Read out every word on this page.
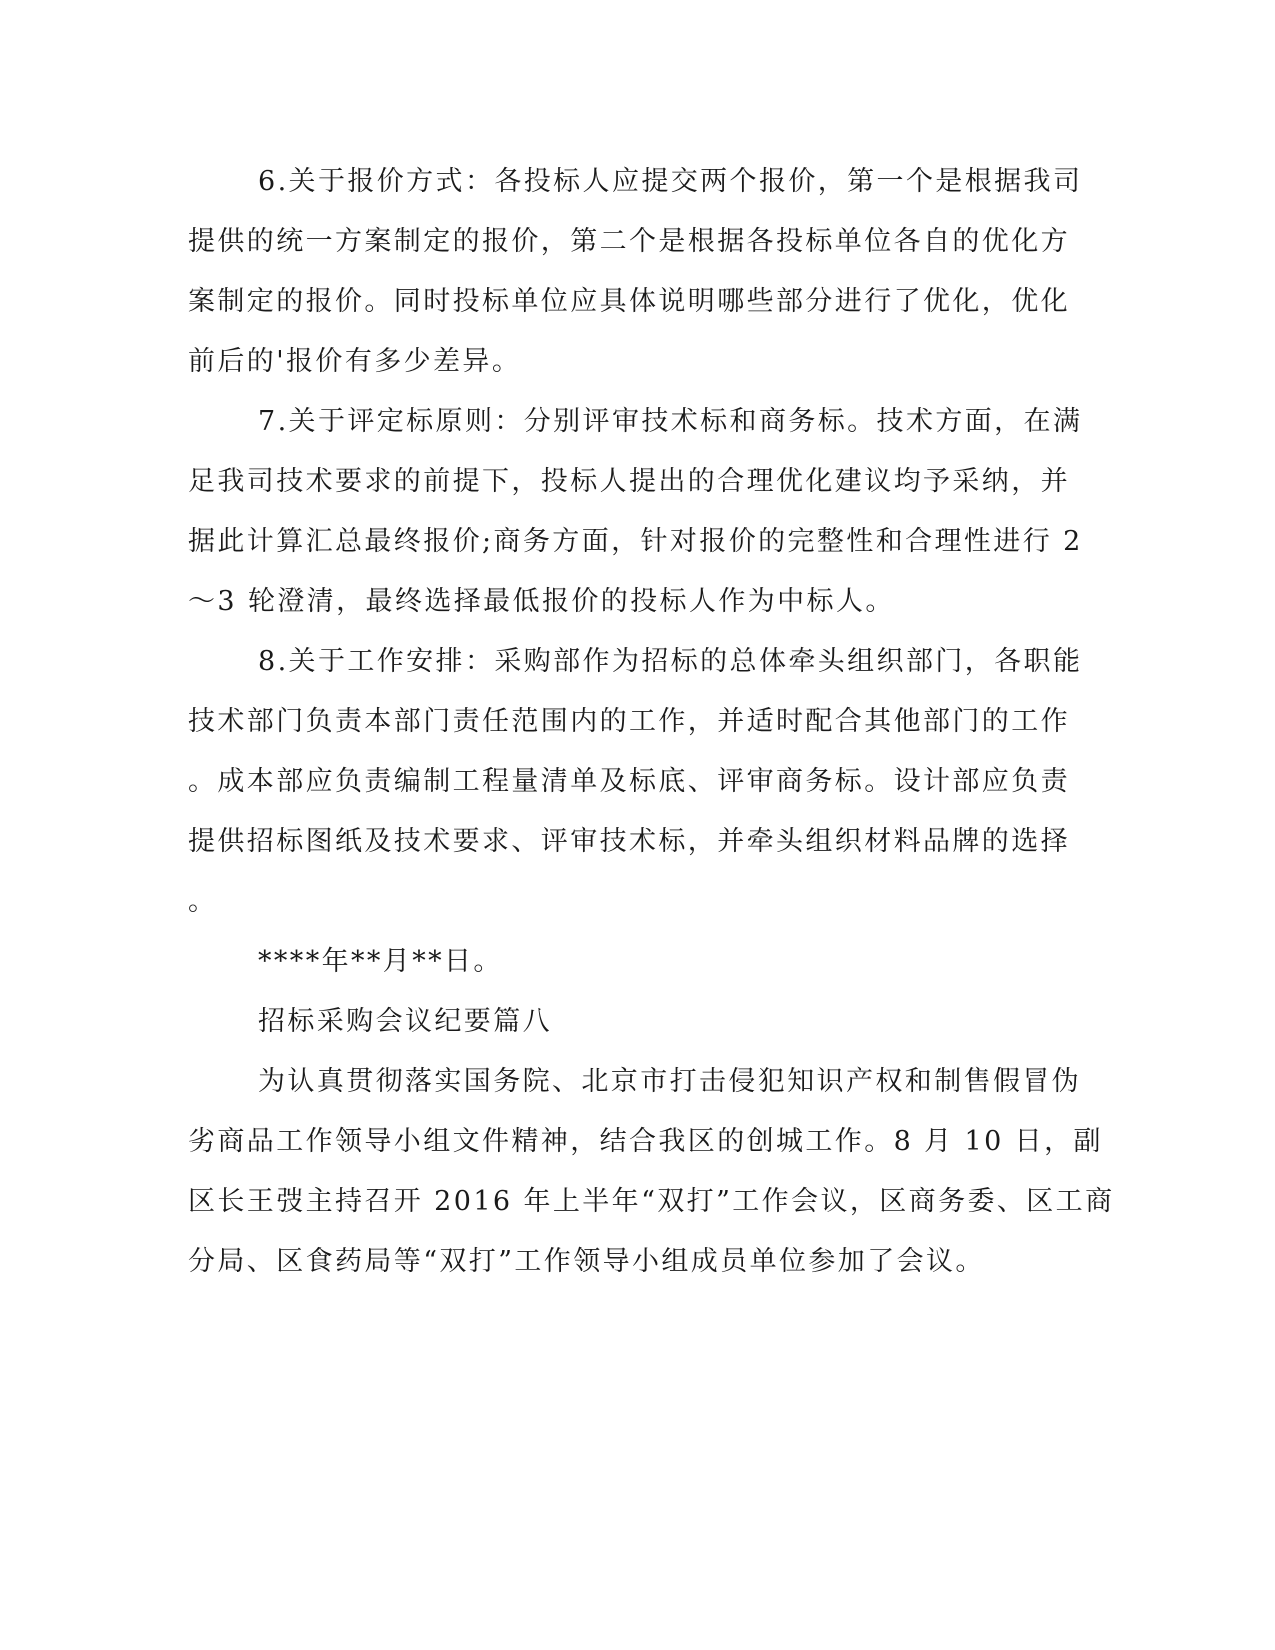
6.关于报价方式：各投标人应提交两个报价，第一个是根据我司
提供的统一方案制定的报价，第二个是根据各投标单位各自的优化方
案制定的报价。同时投标单位应具体说明哪些部分进行了优化，优化
前后的'报价有多少差异。
7.关于评定标原则：分别评审技术标和商务标。技术方面，在满
足我司技术要求的前提下，投标人提出的合理优化建议均予采纳，并
据此计算汇总最终报价;商务方面，针对报价的完整性和合理性进行 2
～3 轮澄清，最终选择最低报价的投标人作为中标人。
8.关于工作安排：采购部作为招标的总体牵头组织部门，各职能
技术部门负责本部门责任范围内的工作，并适时配合其他部门的工作
。成本部应负责编制工程量清单及标底、评审商务标。设计部应负责
提供招标图纸及技术要求、评审技术标，并牵头组织材料品牌的选择
。
****年**月**日。
招标采购会议纪要篇八
为认真贯彻落实国务院、北京市打击侵犯知识产权和制售假冒伪
劣商品工作领导小组文件精神，结合我区的创城工作。8 月 10 日，副
区长王弢主持召开 2016 年上半年“双打”工作会议，区商务委、区工商
分局、区食药局等“双打”工作领导小组成员单位参加了会议。
